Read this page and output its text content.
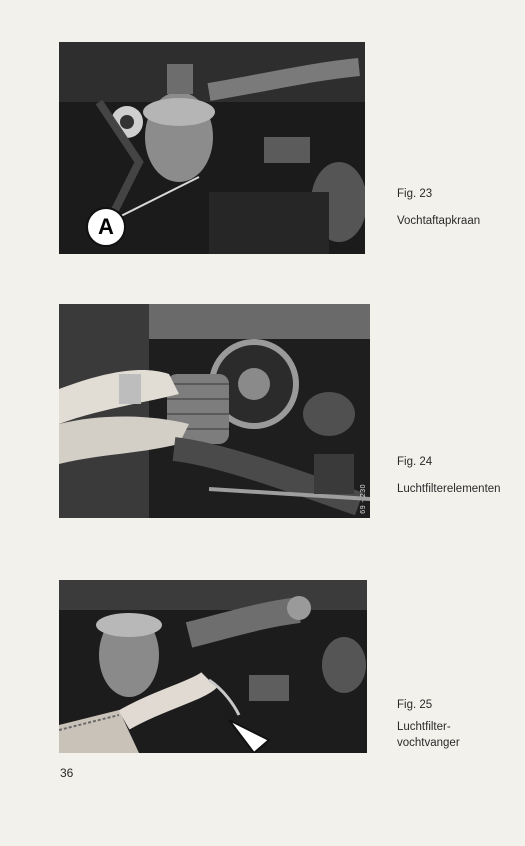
A
Fig. 23
Vochtaftapkraan
69 - 230
Fig. 24
Luchtfilterelementen
Fig. 25
Luchtfilter-
vochtvanger
36
